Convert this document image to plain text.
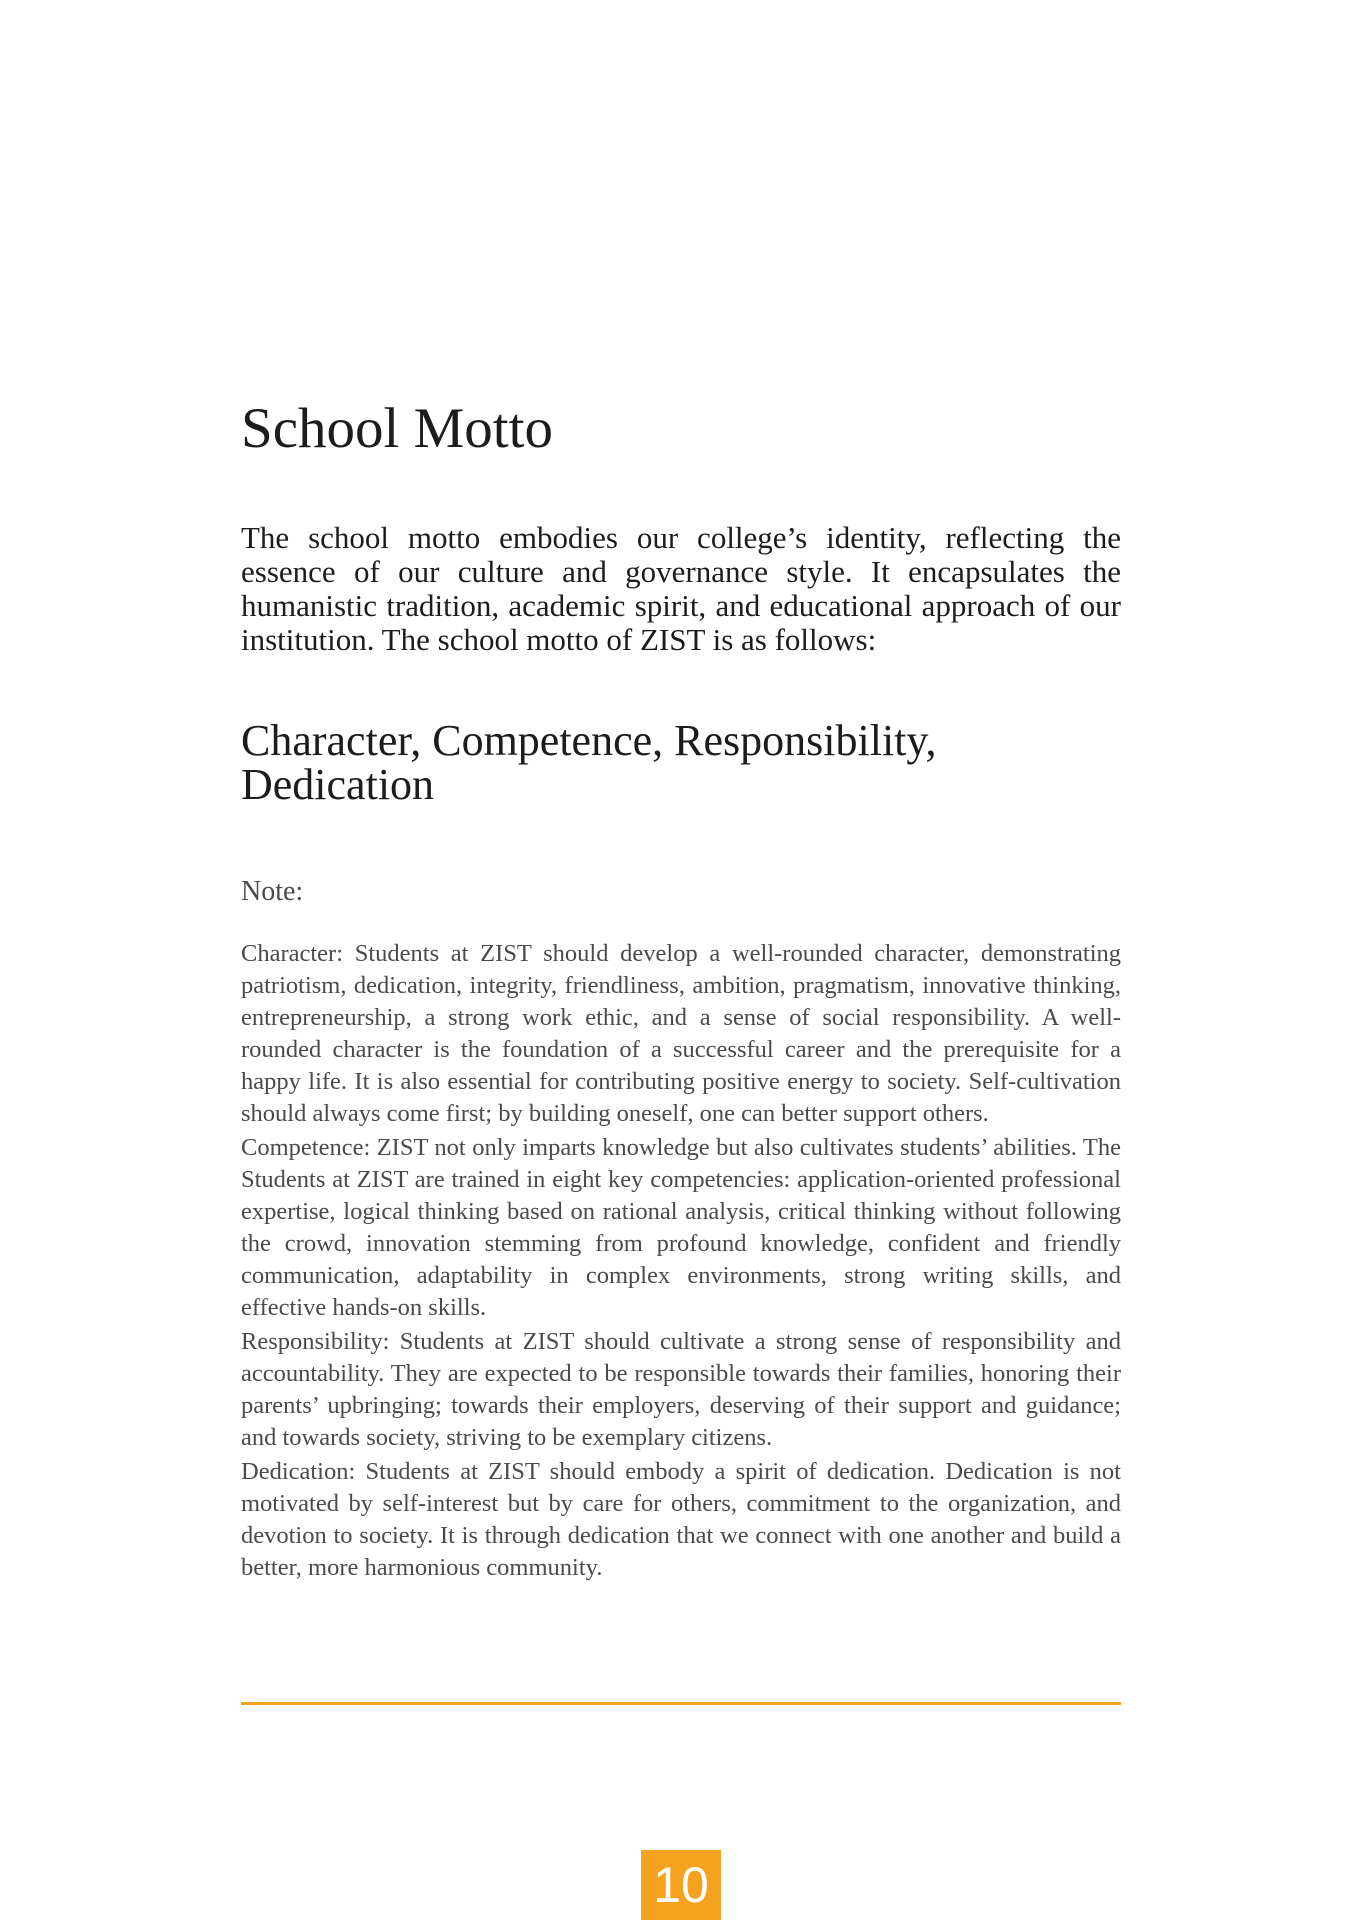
School Motto

The school motto embodies our college’s identity, reflecting the essence of our culture and governance style. It encapsulates the humanistic tradition, academic spirit, and educational approach of our institution. The school motto of ZIST is as follows:

Character, Competence, Responsibility, Dedication

Note:

Character: Students at ZIST should develop a well-rounded character, demonstrating patriotism, dedication, integrity, friendliness, ambition, pragmatism, innovative thinking, entrepreneurship, a strong work ethic, and a sense of social responsibility. A well-rounded character is the foundation of a successful career and the prerequisite for a happy life. It is also essential for contributing positive energy to society. Self-cultivation should always come first; by building oneself, one can better support others.

Competence: ZIST not only imparts knowledge but also cultivates students’ abilities. The Students at ZIST are trained in eight key competencies: application-oriented professional expertise, logical thinking based on rational analysis, critical thinking without following the crowd, innovation stemming from profound knowledge, confident and friendly communication, adaptability in complex environments, strong writing skills, and effective hands-on skills.

Responsibility: Students at ZIST should cultivate a strong sense of responsibility and accountability. They are expected to be responsible towards their families, honoring their parents’ upbringing; towards their employers, deserving of their support and guidance; and towards society, striving to be exemplary citizens.

Dedication: Students at ZIST should embody a spirit of dedication. Dedication is not motivated by self-interest but by care for others, commitment to the organization, and devotion to society. It is through dedication that we connect with one another and build a better, more harmonious community.

10
